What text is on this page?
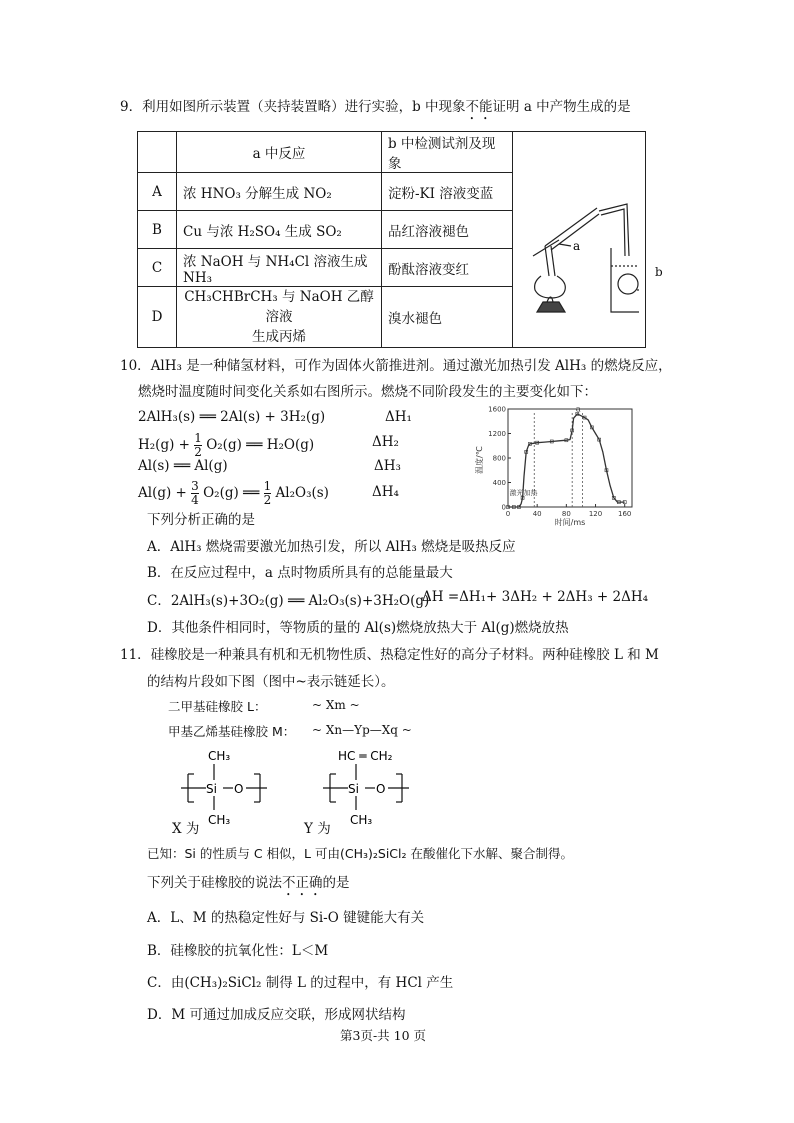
9．利用如图所示装置（夹持装置略）进行实验，b 中现象不能证明 a 中产物生成的是
	a 中反应	b 中检测试剂及现象	a

A	浓 HNO₃ 分解生成 NO₂	淀粉-KI 溶液变蓝	
B	Cu 与浓 H₂SO₄ 生成 SO₂	品红溶液褪色	
C	浓 NaOH 与 NH₄Cl 溶液生成 NH₃	酚酞溶液变红	
D	CH₃CHBrCH₃ 与 NaOH 乙醇溶液
生成丙烯	溴水褪色	
b
10．AlH₃ 是一种储氢材料，可作为固体火箭推进剂。通过激光加热引发 AlH₃ 的燃烧反应，
燃烧时温度随时间变化关系如右图所示。燃烧不同阶段发生的主要变化如下：
2AlH₃(s) ══ 2Al(s) + 3H₂(g)	ΔH₁
$H_2(g) + \frac{1}{2} O_2(g)$ ══ H₂O(g)	ΔH₂
Al(s) ══ Al(g)	ΔH₃
$Al(g) + \frac{3}{4} O_2(g)$ ══ $\frac{1}{2} Al_2O_3(s)$	ΔH₄
0	40	80	120 160
0
400
800
1200
1600
温度/℃
时间/ms
激光加热
a
下列分析正确的是
A．AlH₃ 燃烧需要激光加热引发，所以 AlH₃ 燃烧是吸热反应
B．在反应过程中，a 点时物质所具有的总能量最大
C．2AlH₃(s)+3O₂(g) ══ Al₂O₃(s)+3H₂O(g)
ΔH =ΔH₁+ 3ΔH₂ + 2ΔH₃ + 2ΔH₄
D．其他条件相同时，等物质的量的 Al(s)燃烧放热大于 Al(g)燃烧放热
11．硅橡胶是一种兼具有机和无机物性质、热稳定性好的高分子材料。两种硅橡胶 L 和 M
的结构片段如下图（图中~表示链延长）。
二甲基硅橡胶 L：	~ Xm ~
甲基乙烯基硅橡胶 M： ~ Xn—Yp—Xq ~
CH₃
Si O
CH₃
X 为
HC ═ CH₂
Si O
CH₃
Y 为
已知：Si 的性质与 C 相似，L 可由(CH₃)₂SiCl₂ 在酸催化下水解、聚合制得。
下列关于硅橡胶的说法不正确的是
A．L、M 的热稳定性好与 Si-O 键键能大有关
B．硅橡胶的抗氧化性：L＜M
C．由(CH₃)₂SiCl₂ 制得 L 的过程中，有 HCl 产生
D．M 可通过加成反应交联，形成网状结构
第3页-共 10 页
